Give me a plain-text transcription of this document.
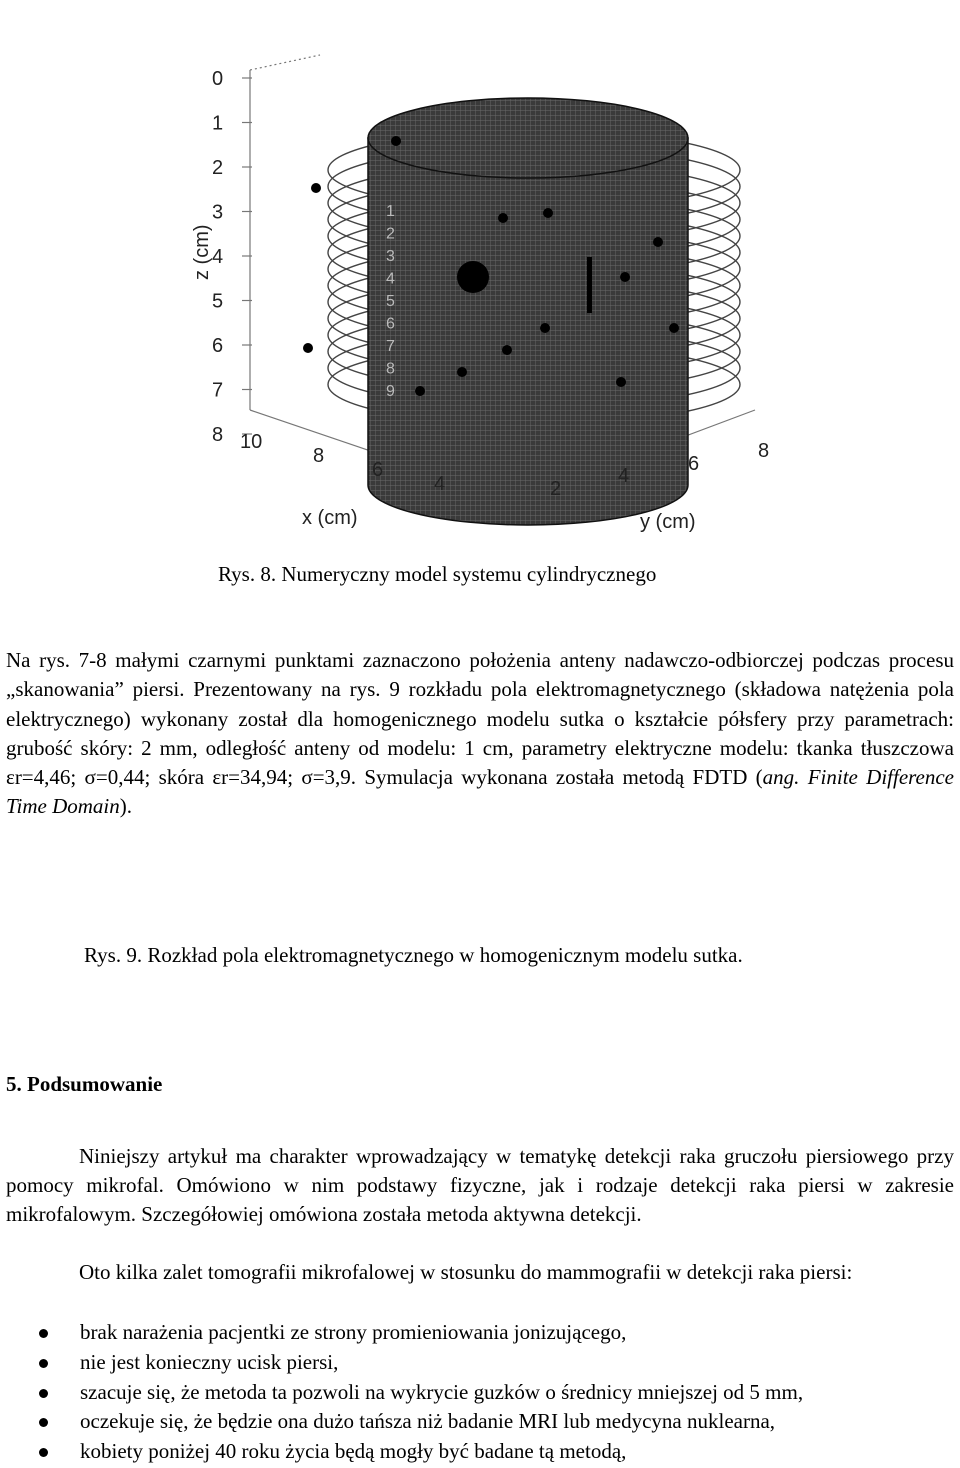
1
2
3
4
5
6
7
8
9
0
1
2
3
4
5
6
7
8 10
8
6
4	2
4
6
8
z (cm)
x (cm)	y (cm)
Rys. 8. Numeryczny model systemu cylindrycznego
Na rys. 7-8 małymi czarnymi punktami zaznaczono położenia anteny nadawczo-odbiorczej podczas procesu „skanowania” piersi. Prezentowany na rys. 9 rozkładu pola elektromagnetycznego (składowa natężenia pola elektrycznego) wykonany został dla homogenicznego modelu sutka o kształcie półsfery przy parametrach: grubość skóry: 2 mm, odległość anteny od modelu: 1 cm, parametry elektryczne modelu: tkanka tłuszczowa εr=4,46; σ=0,44; skóra εr=34,94; σ=3,9. Symulacja wykonana została metodą FDTD (ang. Finite Difference Time Domain).
Rys. 9. Rozkład pola elektromagnetycznego w homogenicznym modelu sutka.
5. Podsumowanie
Niniejszy artykuł ma charakter wprowadzający w tematykę detekcji raka gruczołu piersiowego przy pomocy mikrofal. Omówiono w nim podstawy fizyczne, jak i rodzaje detekcji raka piersi w zakresie mikrofalowym. Szczegółowiej omówiona została metoda aktywna detekcji.
Oto kilka zalet tomografii mikrofalowej w stosunku do mammografii w detekcji raka piersi:
brak narażenia pacjentki ze strony promieniowania jonizującego,
nie jest konieczny ucisk piersi,
szacuje się, że metoda ta pozwoli na wykrycie guzków o średnicy mniejszej od 5 mm,
oczekuje się, że będzie ona dużo tańsza niż badanie MRI lub medycyna nuklearna,
kobiety poniżej 40 roku życia będą mogły być badane tą metodą,
